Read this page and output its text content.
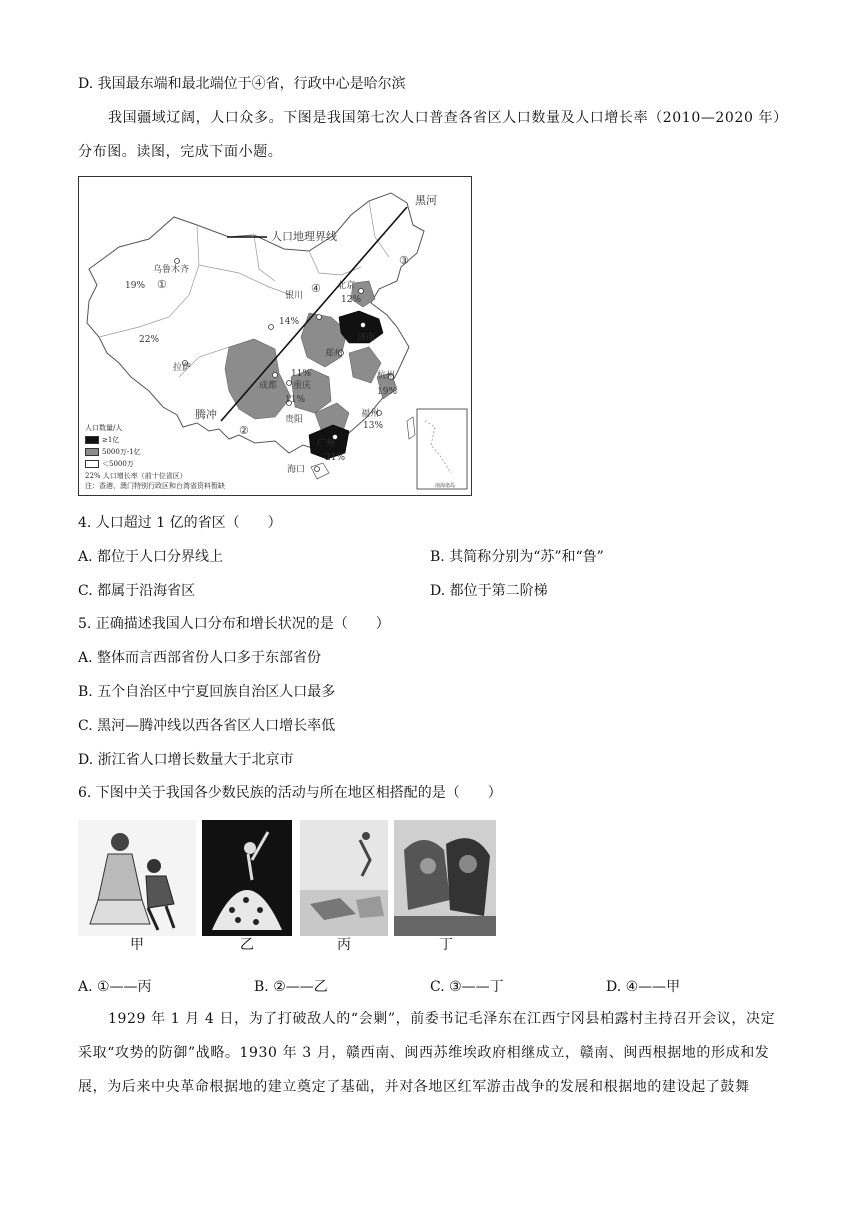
D. 我国最东端和最北端位于④省，行政中心是哈尔滨
我国疆域辽阔，人口众多。下图是我国第七次人口普查各省区人口数量及人口增长率（2010—2020 年）分布图。读图，完成下面小题。
人口地理界线
黑河
腾冲
乌鲁木齐
19% ①
②
③
④
22%
拉萨
银川
14%
北京
12%
济南
郑州
成都
11%
重庆
11%
贵阳
杭州
19%
福州
13%
广州
21%
海口
南海诸岛
人口数量/人
≥1亿
5000万-1亿
＜5000万
22% 人口增长率（前十位省区）
注：香港、澳门特别行政区和台湾省资料暂缺
4. 人口超过 1 亿的省区（　　）
A. 都位于人口分界线上	B. 其简称分别为“苏”和“鲁”
C. 都属于沿海省区	D. 都位于第二阶梯
5. 正确描述我国人口分布和增长状况的是（　　）
A. 整体而言西部省份人口多于东部省份
B. 五个自治区中宁夏回族自治区人口最多
C. 黑河—腾冲线以西各省区人口增长率低
D. 浙江省人口增长数量大于北京市
6. 下图中关于我国各少数民族的活动与所在地区相搭配的是（　　）
甲	乙	丙	丁
A. ①——丙	B. ②——乙	C. ③——丁	D. ④——甲
1929 年 1 月 4 日，为了打破敌人的“会剿”，前委书记毛泽东在江西宁冈县柏露村主持召开会议，决定采取“攻势的防御”战略。1930 年 3 月，赣西南、闽西苏维埃政府相继成立，赣南、闽西根据地的形成和发展，为后来中央革命根据地的建立奠定了基础，并对各地区红军游击战争的发展和根据地的建设起了鼓舞
